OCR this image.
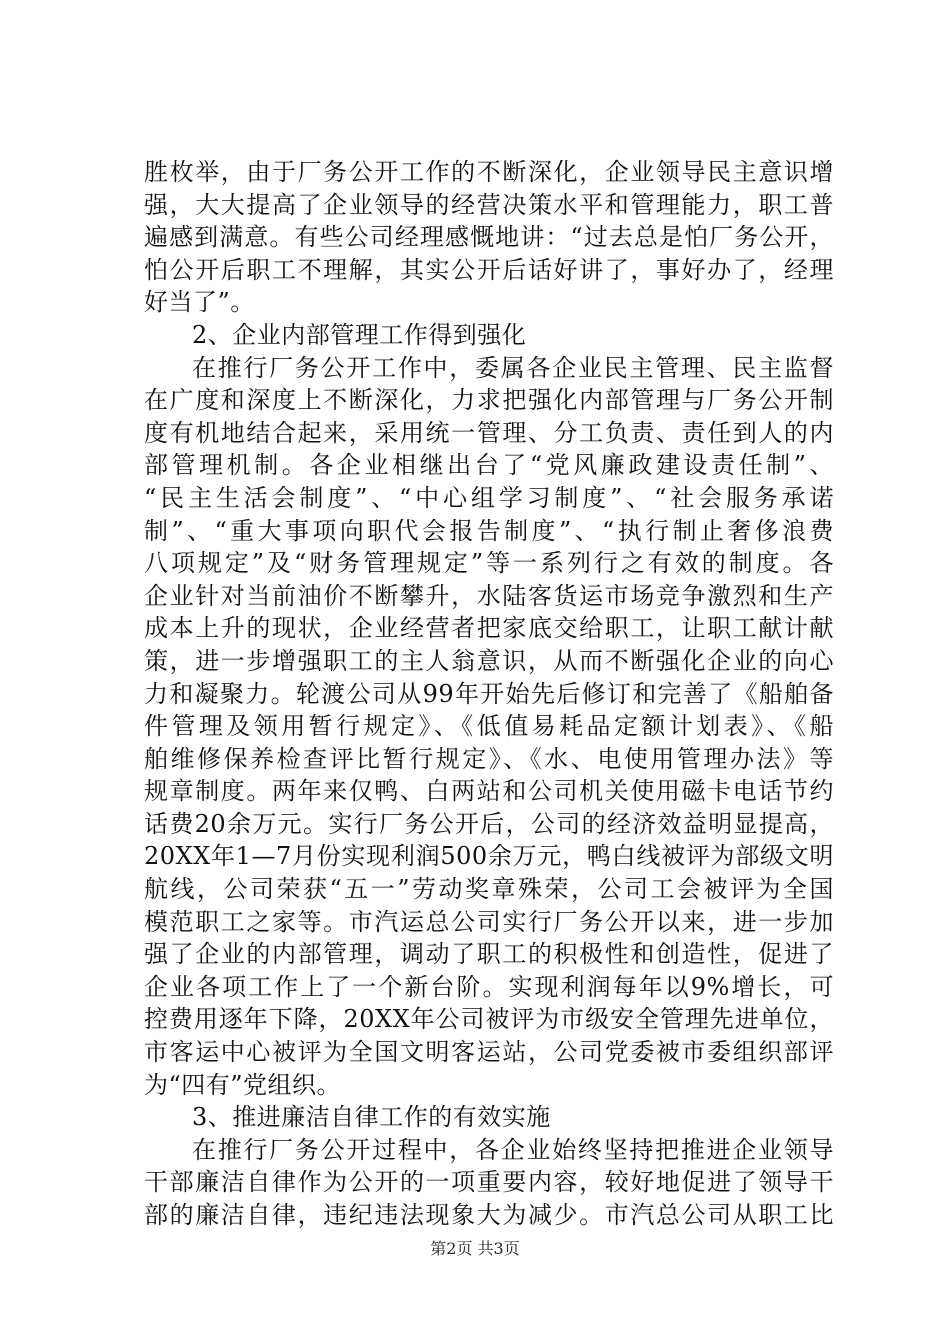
胜枚举，由于厂务公开工作的不断深化，企业领导民主意识增
强，大大提高了企业领导的经营决策水平和管理能力，职工普
遍感到满意。有些公司经理感慨地讲：“过去总是怕厂务公开，
怕公开后职工不理解，其实公开后话好讲了，事好办了，经理
好当了”。
2、企业内部管理工作得到强化
在推行厂务公开工作中，委属各企业民主管理、民主监督
在广度和深度上不断深化，力求把强化内部管理与厂务公开制
度有机地结合起来，采用统一管理、分工负责、责任到人的内
部管理机制。各企业相继出台了“党风廉政建设责任制”、
“民主生活会制度”、“中心组学习制度”、“社会服务承诺
制”、“重大事项向职代会报告制度”、“执行制止奢侈浪费
八项规定”及“财务管理规定”等一系列行之有效的制度。各
企业针对当前油价不断攀升，水陆客货运市场竞争激烈和生产
成本上升的现状，企业经营者把家底交给职工，让职工献计献
策，进一步增强职工的主人翁意识，从而不断强化企业的向心
力和凝聚力。轮渡公司从99年开始先后修订和完善了《船舶备
件管理及领用暂行规定》、《低值易耗品定额计划表》、《船
舶维修保养检查评比暂行规定》、《水、电使用管理办法》等
规章制度。两年来仅鸭、白两站和公司机关使用磁卡电话节约
话费20余万元。实行厂务公开后，公司的经济效益明显提高，
20XX年1—7月份实现利润500余万元，鸭白线被评为部级文明
航线，公司荣获“五一”劳动奖章殊荣，公司工会被评为全国
模范职工之家等。市汽运总公司实行厂务公开以来，进一步加
强了企业的内部管理，调动了职工的积极性和创造性，促进了
企业各项工作上了一个新台阶。实现利润每年以9%增长，可
控费用逐年下降，20XX年公司被评为市级安全管理先进单位，
市客运中心被评为全国文明客运站，公司党委被市委组织部评
为“四有”党组织。
3、推进廉洁自律工作的有效实施
在推行厂务公开过程中，各企业始终坚持把推进企业领导
干部廉洁自律作为公开的一项重要内容，较好地促进了领导干
部的廉洁自律，违纪违法现象大为减少。市汽总公司从职工比
第2页 共3页
